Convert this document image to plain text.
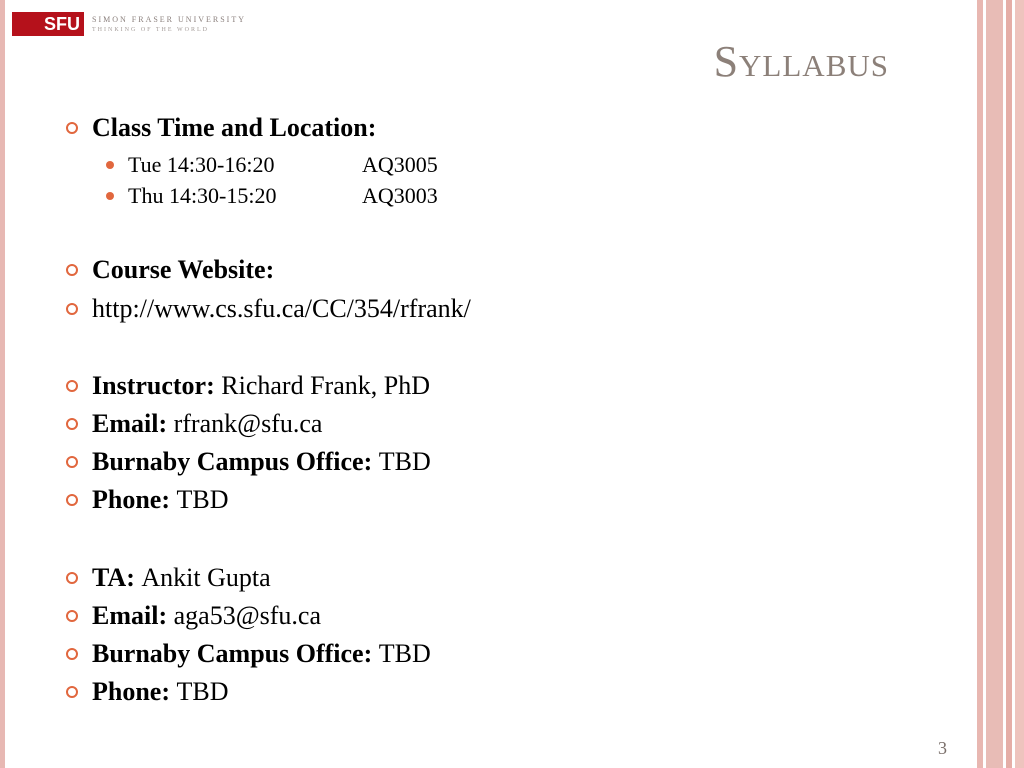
SFU	SIMON FRASER UNIVERSITY
THINKING OF THE WORLD
Syllabus
Class Time and Location:
Tue 14:30-16:20	AQ3005
Thu 14:30-15:20	AQ3003
Course Website:
http://www.cs.sfu.ca/CC/354/rfrank/
Instructor:
Richard Frank, PhD
Email:
rfrank@sfu.ca
Burnaby Campus Office:
TBD
Phone:
TBD
TA:
Ankit Gupta
Email:
aga53@sfu.ca
Burnaby Campus Office:
TBD
Phone:
TBD
3
